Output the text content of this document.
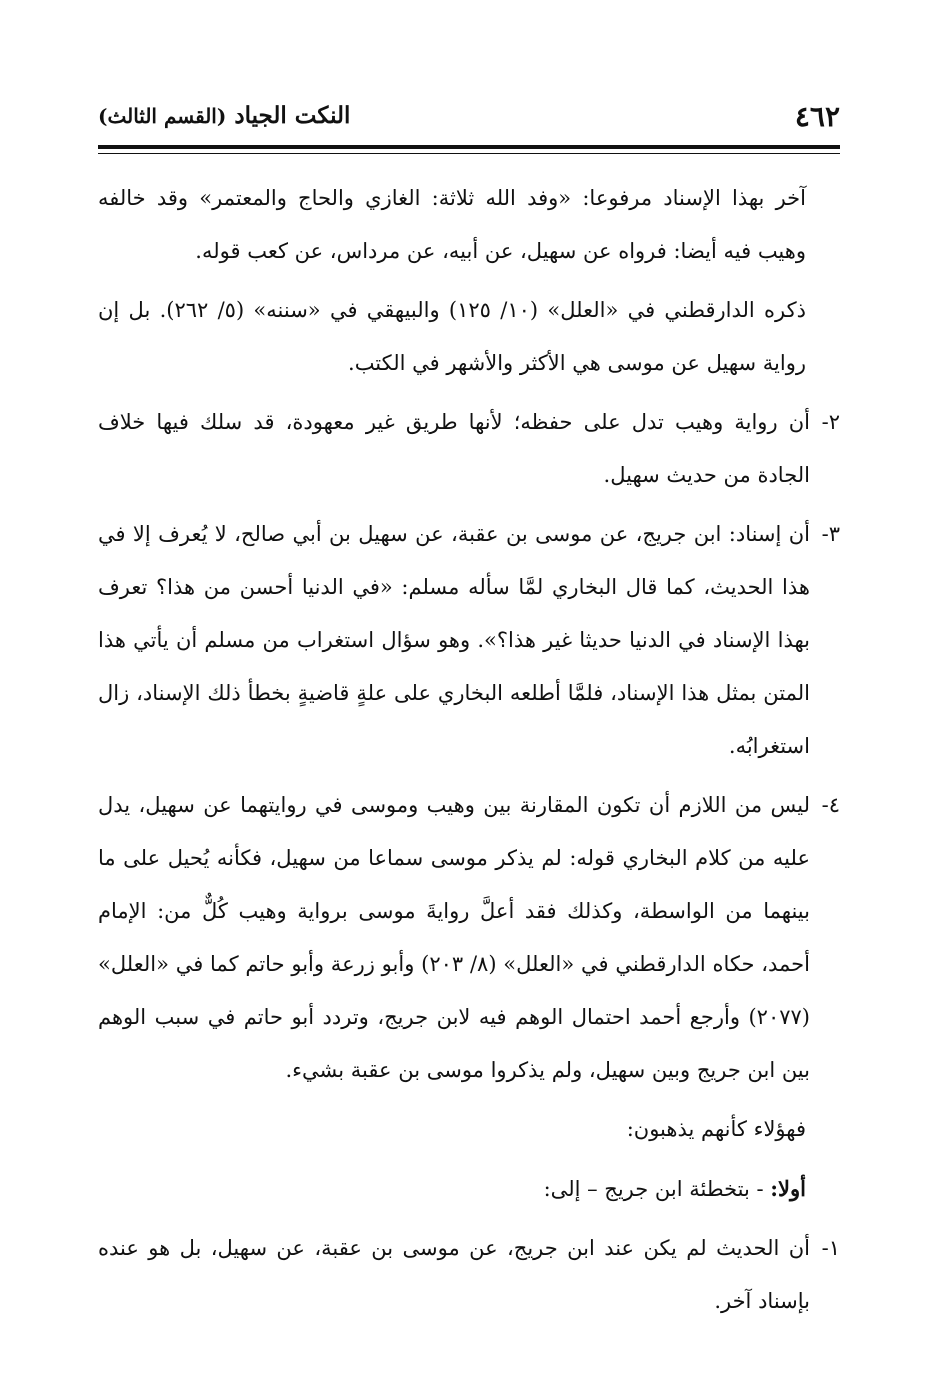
٤٦٢
النكت الجياد (القسم الثالث)

آخر بهذا الإسناد مرفوعا: «وفد الله ثلاثة: الغازي والحاج والمعتمر» وقد خالفه وهيب فيه أيضا: فرواه عن سهيل، عن أبيه، عن مرداس، عن كعب قوله.

ذكره الدارقطني في «العلل» (١٠/ ١٢٥) والبيهقي في «سننه» (٥/ ٢٦٢). بل إن رواية سهيل عن موسى هي الأكثر والأشهر في الكتب.

٢-
أن رواية وهيب تدل على حفظه؛ لأنها طريق غير معهودة، قد سلك فيها خلاف الجادة من حديث سهيل.
٣-
أن إسناد: ابن جريج، عن موسى بن عقبة، عن سهيل بن أبي صالح، لا يُعرف إلا في هذا الحديث، كما قال البخاري لمَّا سأله مسلم: «في الدنيا أحسن من هذا؟ تعرف بهذا الإسناد في الدنيا حديثا غير هذا؟». وهو سؤال استغراب من مسلم أن يأتي هذا المتن بمثل هذا الإسناد، فلمَّا أطلعه البخاري على علةٍ قاضيةٍ بخطأ ذلك الإسناد، زال استغرابُه.
٤-
ليس من اللازم أن تكون المقارنة بين وهيب وموسى في روايتهما عن سهيل، يدل عليه من كلام البخاري قوله: لم يذكر موسى سماعا من سهيل، فكأنه يُحيل على ما بينهما من الواسطة، وكذلك فقد أعلَّ روايةَ موسى برواية وهيب كُلٌّ من: الإمام أحمد، حكاه الدارقطني في «العلل» (٨/ ٢٠٣) وأبو زرعة وأبو حاتم كما في «العلل» (٢٠٧٧) وأرجع أحمد احتمال الوهم فيه لابن جريج، وتردد أبو حاتم في سبب الوهم بين ابن جريج وبين سهيل، ولم يذكروا موسى بن عقبة بشيء.

فهؤلاء كأنهم يذهبون:

أولا: - بتخطئة ابن جريج – إلى:

١-
أن الحديث لم يكن عند ابن جريج، عن موسى بن عقبة، عن سهيل، بل هو عنده بإسناد آخر.
